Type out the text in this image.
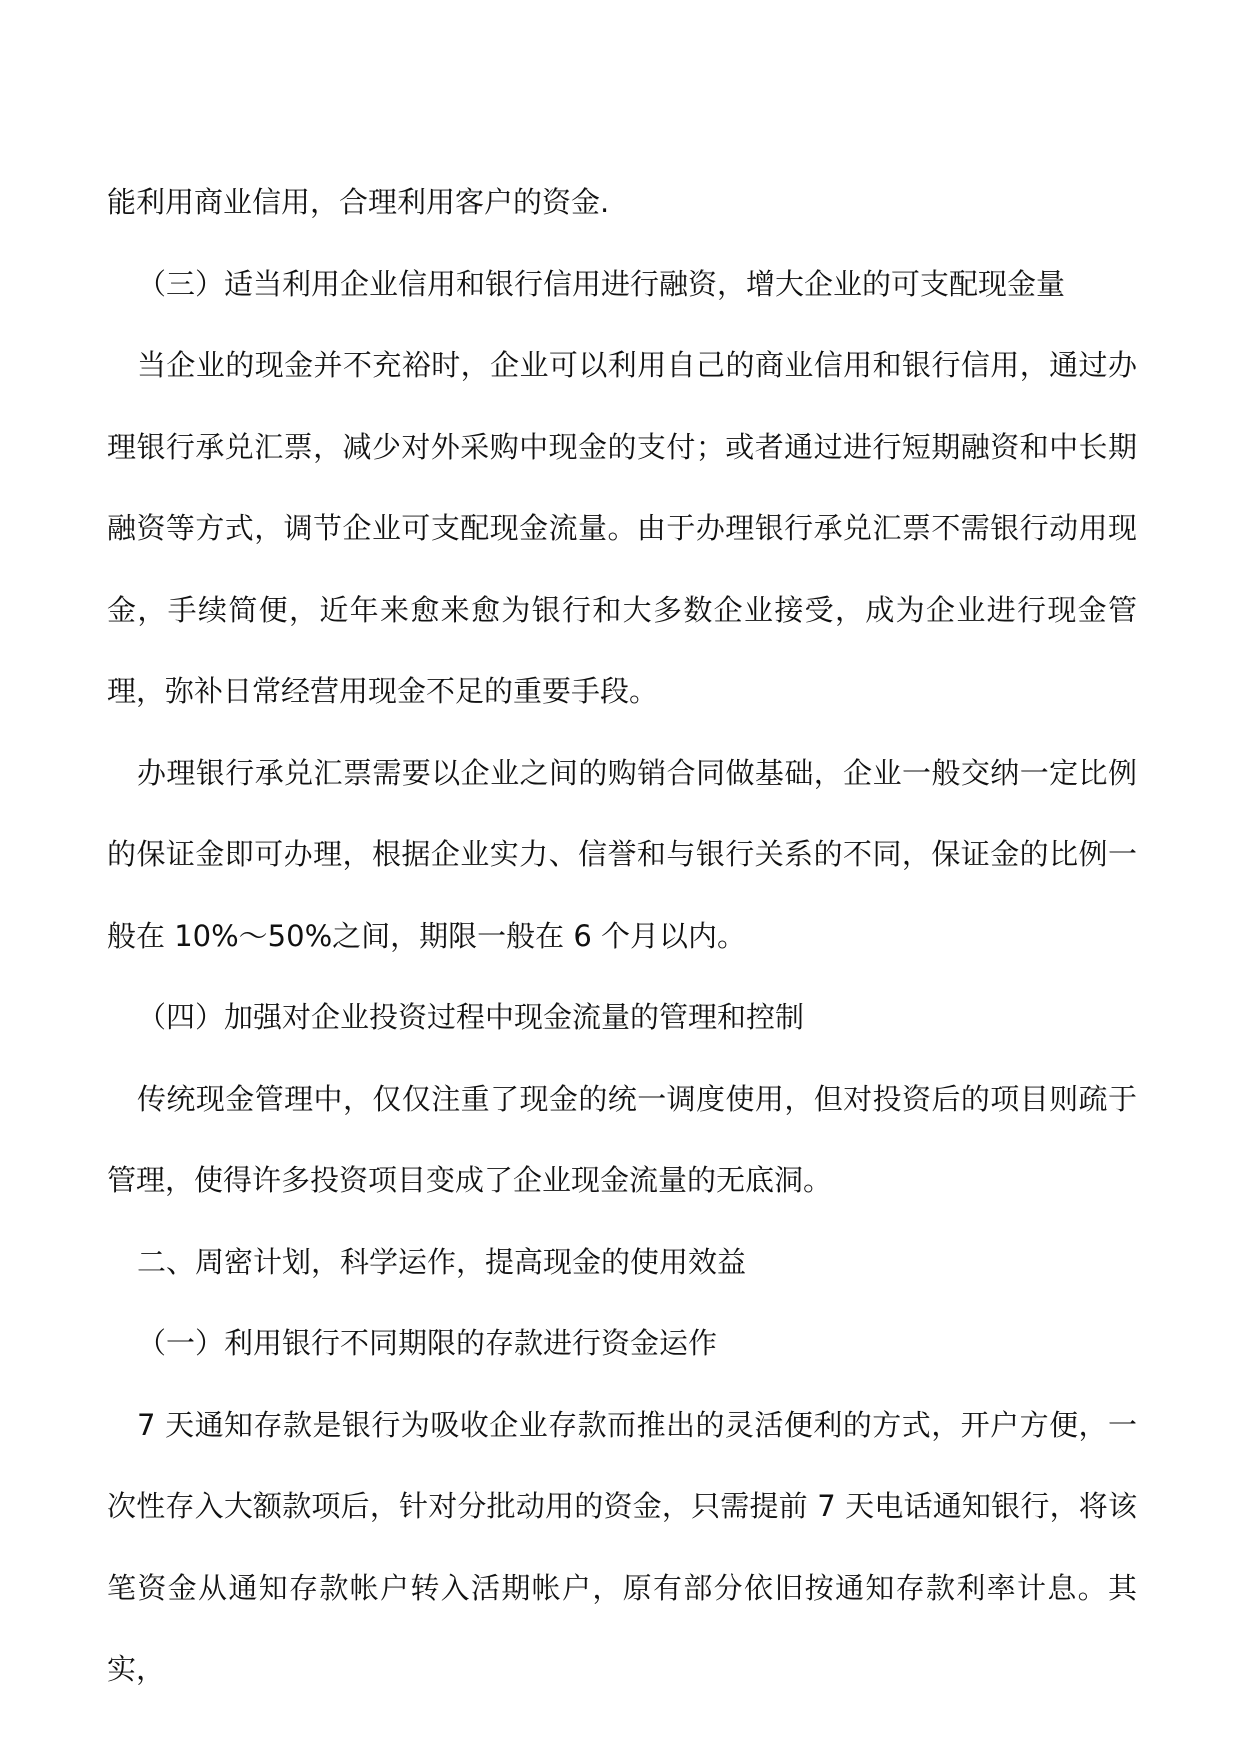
能利用商业信用，合理利用客户的资金.

（三）适当利用企业信用和银行信用进行融资，增大企业的可支配现金量

当企业的现金并不充裕时，企业可以利用自己的商业信用和银行信用，通过办理银行承兑汇票，减少对外采购中现金的支付；或者通过进行短期融资和中长期融资等方式，调节企业可支配现金流量。由于办理银行承兑汇票不需银行动用现金，手续简便，近年来愈来愈为银行和大多数企业接受，成为企业进行现金管理，弥补日常经营用现金不足的重要手段。

办理银行承兑汇票需要以企业之间的购销合同做基础，企业一般交纳一定比例的保证金即可办理，根据企业实力、信誉和与银行关系的不同，保证金的比例一般在 10%～50%之间，期限一般在 6 个月以内。

（四）加强对企业投资过程中现金流量的管理和控制

传统现金管理中，仅仅注重了现金的统一调度使用，但对投资后的项目则疏于管理，使得许多投资项目变成了企业现金流量的无底洞。

二、周密计划，科学运作，提高现金的使用效益

（一）利用银行不同期限的存款进行资金运作

7 天通知存款是银行为吸收企业存款而推出的灵活便利的方式，开户方便，一次性存入大额款项后，针对分批动用的资金，只需提前 7 天电话通知银行，将该笔资金从通知存款帐户转入活期帐户，原有部分依旧按通知存款利率计息。其实，
